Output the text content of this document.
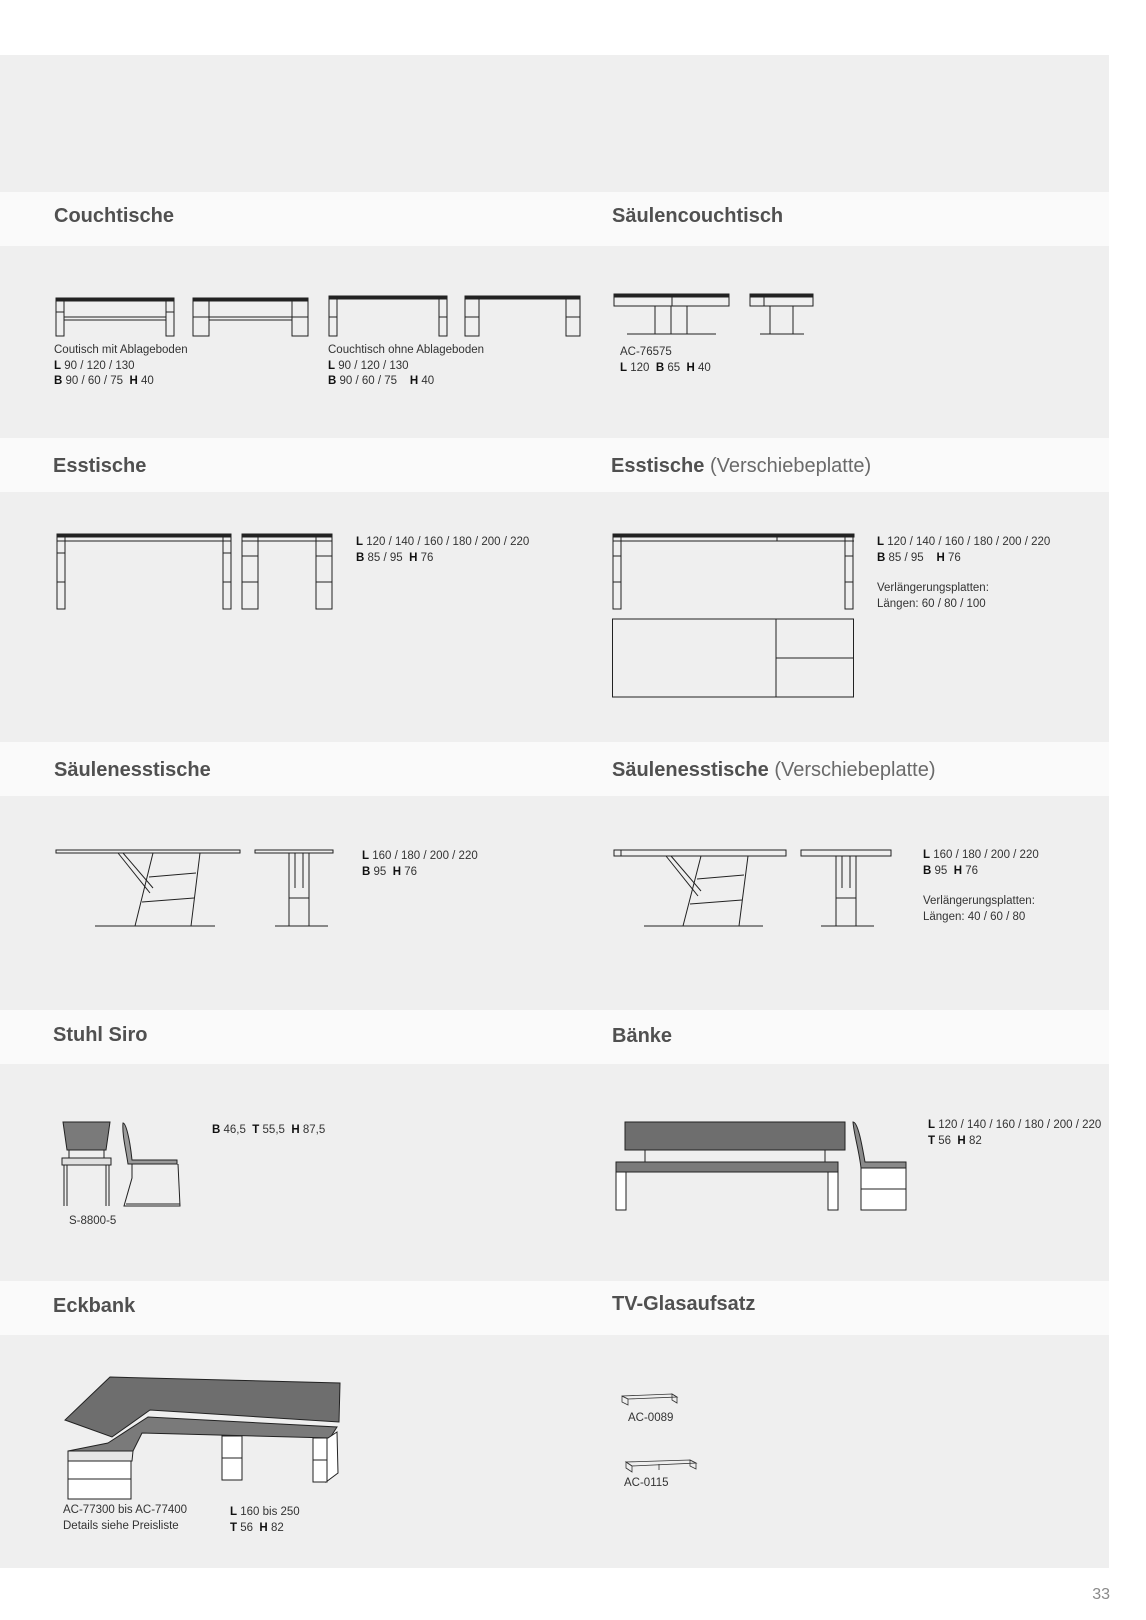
Couchtische	Säulencouchtisch
Coutisch mit Ablageboden
L 90 / 120 / 130
B 90 / 60 / 75 H 40
Couchtisch ohne Ablageboden
L 90 / 120 / 130
B 90 / 60 / 75 H 40
AC-76575
L 120 B 65 H 40
Esstische	Esstische (Verschiebeplatte)
L 120 / 140 / 160 / 180 / 200 / 220
B 85 / 95 H 76
L 120 / 140 / 160 / 180 / 200 / 220
B 85 / 95 H 76
Verlängerungsplatten:
Längen: 60 / 80 / 100
Säulenesstische	Säulenesstische (Verschiebeplatte)
L 160 / 180 / 200 / 220
B 95 H 76
L 160 / 180 / 200 / 220
B 95 H 76
Verlängerungsplatten:
Längen: 40 / 60 / 80
Stuhl Siro	Bänke
B 46,5 T 55,5 H 87,5
S-8800-5
L 120 / 140 / 160 / 180 / 200 / 220
T 56 H 82
Eckbank	TV-Glasaufsatz
AC-77300 bis AC-77400
Details siehe Preisliste
L 160 bis 250
T 56 H 82
AC-0089
AC-0115
33
